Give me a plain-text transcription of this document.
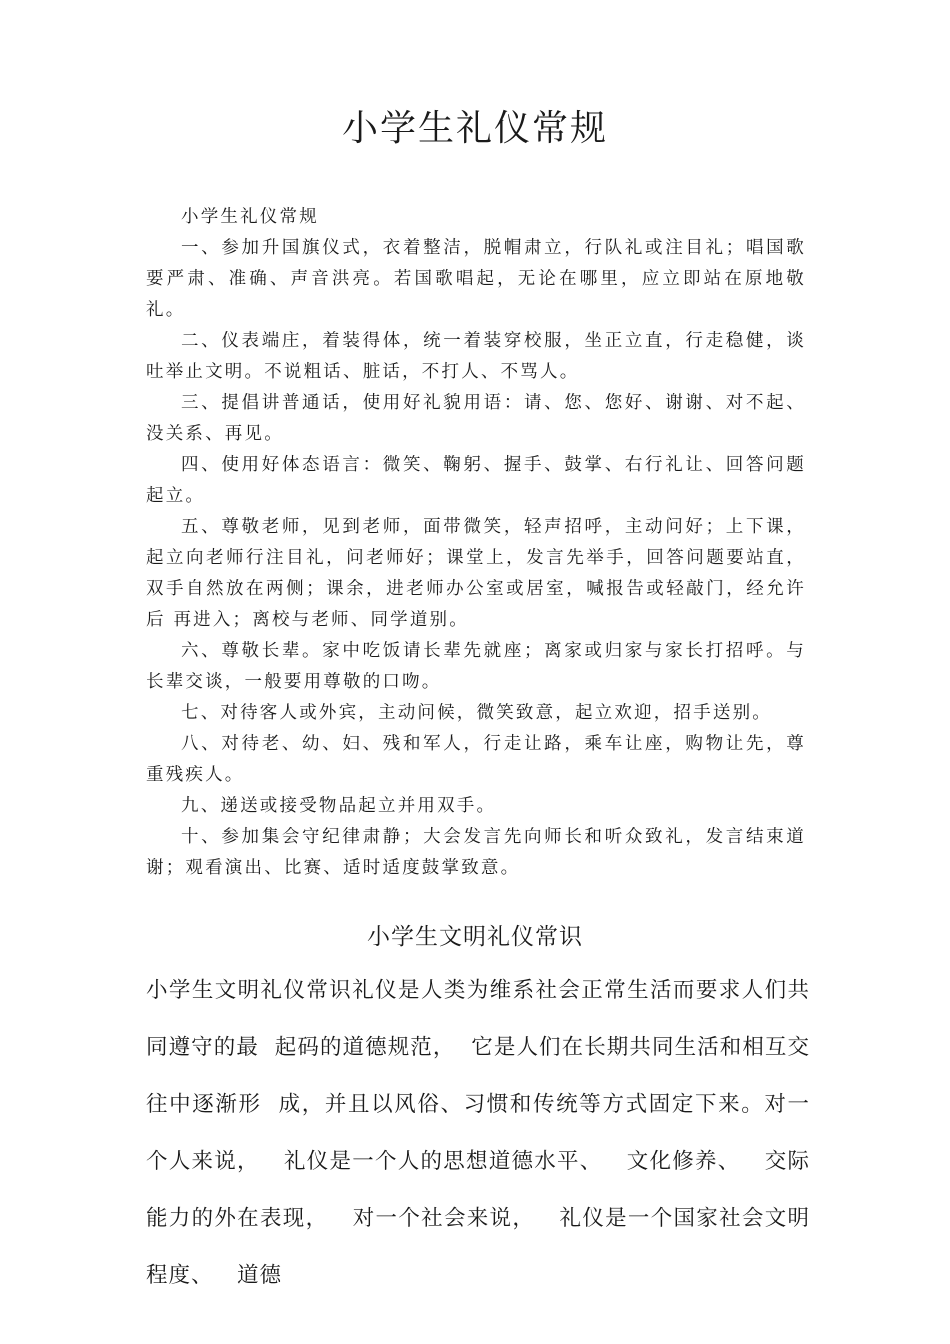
小学生礼仪常规

小学生礼仪常规

一、参加升国旗仪式，衣着整洁，脱帽肃立，行队礼或注目礼；唱国歌要严肃、准确、声音洪亮。若国歌唱起，无论在哪里，应立即站在原地敬礼。

二、仪表端庄，着装得体，统一着装穿校服，坐正立直，行走稳健，谈吐举止文明。不说粗话、脏话，不打人、不骂人。

三、提倡讲普通话，使用好礼貌用语：请、您、您好、谢谢、对不起、没关系、再见。

四、使用好体态语言：微笑、鞠躬、握手、鼓掌、右行礼让、回答问题起立。

五、尊敬老师，见到老师，面带微笑，轻声招呼，主动问好；上下课，起立向老师行注目礼，问老师好；课堂上，发言先举手，回答问题要站直，双手自然放在两侧；课余，进老师办公室或居室，喊报告或轻敲门，经允许后 再进入；离校与老师、同学道别。

六、尊敬长辈。家中吃饭请长辈先就座；离家或归家与家长打招呼。与长辈交谈，一般要用尊敬的口吻。

七、对待客人或外宾，主动问候，微笑致意，起立欢迎，招手送别。

八、对待老、幼、妇、残和军人，行走让路，乘车让座，购物让先，尊重残疾人。

九、递送或接受物品起立并用双手。

十、参加集会守纪律肃静；大会发言先向师长和听众致礼，发言结束道谢；观看演出、比赛、适时适度鼓掌致意。

小学生文明礼仪常识

小学生文明礼仪常识礼仪是人类为维系社会正常生活而要求人们共同遵守的最  起码的道德规范，  它是人们在长期共同生活和相互交往中逐渐形  成，并且以风俗、习惯和传统等方式固定下来。对一个人来说，   礼仪是一个人的思想道德水平、   文化修养、   交际能力的外在表现，   对一个社会来说，   礼仪是一个国家社会文明程度、   道德
